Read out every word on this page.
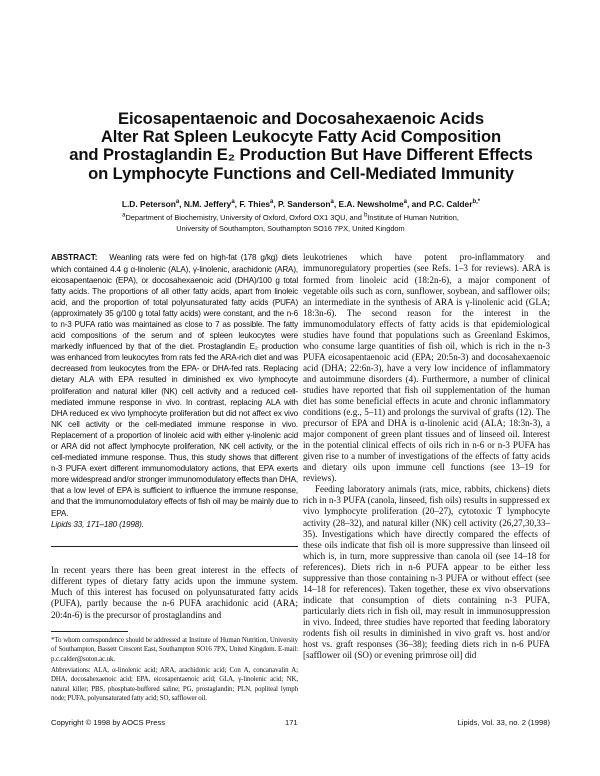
Eicosapentaenoic and Docosahexaenoic Acids
Alter Rat Spleen Leukocyte Fatty Acid Composition
and Prostaglandin E₂ Production But Have Different Effects
on Lymphocyte Functions and Cell-Mediated Immunity
L.D. Peterson$^a$, N.M. Jeffery$^a$, F. Thies$^a$, P. Sanderson$^a$, E.A. Newsholme$^a$, and P.C. Calder$^{b,*}$
$^a$Department of Biochemistry, University of Oxford, Oxford OX1 3QU, and $^b$Institute of Human Nutrition,
University of Southampton, Southampton SO16 7PX, United Kingdom
ABSTRACT: Weanling rats were fed on high-fat (178 g/kg) diets which contained 4.4 g α-linolenic (ALA), γ-linolenic, arachidonic (ARA), eicosapentaenoic (EPA), or docosahexaenoic acid (DHA)/100 g total fatty acids. The proportions of all other fatty acids, apart from linoleic acid, and the proportion of total polyunsaturated fatty acids (PUFA) (approximately 35 g/100 g total fatty acids) were constant, and the n-6 to n-3 PUFA ratio was maintained as close to 7 as possible. The fatty acid compositions of the serum and of spleen leukocytes were markedly influenced by that of the diet. Prostaglandin E₂ production was enhanced from leukocytes from rats fed the ARA-rich diet and was decreased from leukocytes from the EPA- or DHA-fed rats. Replacing dietary ALA with EPA resulted in diminished ex vivo lymphocyte proliferation and natural killer (NK) cell activity and a reduced cell-mediated immune response in vivo. In contrast, replacing ALA with DHA reduced ex vivo lymphocyte proliferation but did not affect ex vivo NK cell activity or the cell-mediated immune response in vivo. Replacement of a proportion of linoleic acid with either γ-linolenic acid or ARA did not affect lymphocyte proliferation, NK cell activity, or the cell-mediated immune response. Thus, this study shows that different n-3 PUFA exert different immunomodulatory actions, that EPA exerts more widespread and/or stronger immunomodulatory effects than DHA, that a low level of EPA is sufficient to influence the immune response, and that the immunomodulatory effects of fish oil may be mainly due to EPA.
Lipids 33, 171–180 (1998).
In recent years there has been great interest in the effects of different types of dietary fatty acids upon the immune system. Much of this interest has focused on polyunsaturated fatty acids (PUFA), partly because the n-6 PUFA arachidonic acid (ARA; 20:4n-6) is the precursor of prostaglandins and

*To whom correspondence should be addressed at Institute of Human Nutrition, University of Southampton, Bassett Crescent East, Southampton SO16 7PX, United Kingdom. E-mail: p.c.calder@soton.ac.uk.

Abbreviations: ALA, α-linolenic acid; ARA, arachidonic acid; Con A, concanavalin A; DHA, docosahexaenoic acid; EPA, eicosapentaenoic acid; GLA, γ-linolenic acid; NK, natural killer; PBS, phosphate-buffered saline; PG, prostaglandin; PLN, popliteal lymph node; PUFA, polyunsaturated fatty acid; SO, safflower oil.

leukotrienes which have potent pro-inflammatory and immunoregulatory properties (see Refs. 1–3 for reviews). ARA is formed from linoleic acid (18:2n-6), a major component of vegetable oils such as corn, sunflower, soybean, and safflower oils; an intermediate in the synthesis of ARA is γ-linolenic acid (GLA; 18:3n-6). The second reason for the interest in the immunomodulatory effects of fatty acids is that epidemiological studies have found that populations such as Greenland Eskimos, who consume large quantities of fish oil, which is rich in the n-3 PUFA eicosapentaenoic acid (EPA; 20:5n-3) and docosahexaenoic acid (DHA; 22:6n-3), have a very low incidence of inflammatory and autoimmune disorders (4). Furthermore, a number of clinical studies have reported that fish oil supplementation of the human diet has some beneficial effects in acute and chronic inflammatory conditions (e.g., 5–11) and prolongs the survival of grafts (12). The precursor of EPA and DHA is α-linolenic acid (ALA; 18:3n-3), a major component of green plant tissues and of linseed oil. Interest in the potential clinical effects of oils rich in n-6 or n-3 PUFA has given rise to a number of investigations of the effects of fatty acids and dietary oils upon immune cell functions (see 13–19 for reviews).

Feeding laboratory animals (rats, mice, rabbits, chickens) diets rich in n-3 PUFA (canola, linseed, fish oils) results in suppressed ex vivo lymphocyte proliferation (20–27), cytotoxic T lymphocyte activity (28–32), and natural killer (NK) cell activity (26,27,30,33–35). Investigations which have directly compared the effects of these oils indicate that fish oil is more suppressive than linseed oil which is, in turn, more suppressive than canola oil (see 14–18 for references). Diets rich in n-6 PUFA appear to be either less suppressive than those containing n-3 PUFA or without effect (see 14–18 for references). Taken together, these ex vivo observations indicate that consumption of diets containing n-3 PUFA, particularly diets rich in fish oil, may result in immunosuppression in vivo. Indeed, three studies have reported that feeding laboratory rodents fish oil results in diminished in vivo graft vs. host and/or host vs. graft responses (36–38); feeding diets rich in n-6 PUFA [safflower oil (SO) or evening primrose oil] did

Copyright © 1998 by AOCS Press	171	Lipids, Vol. 33, no. 2 (1998)
